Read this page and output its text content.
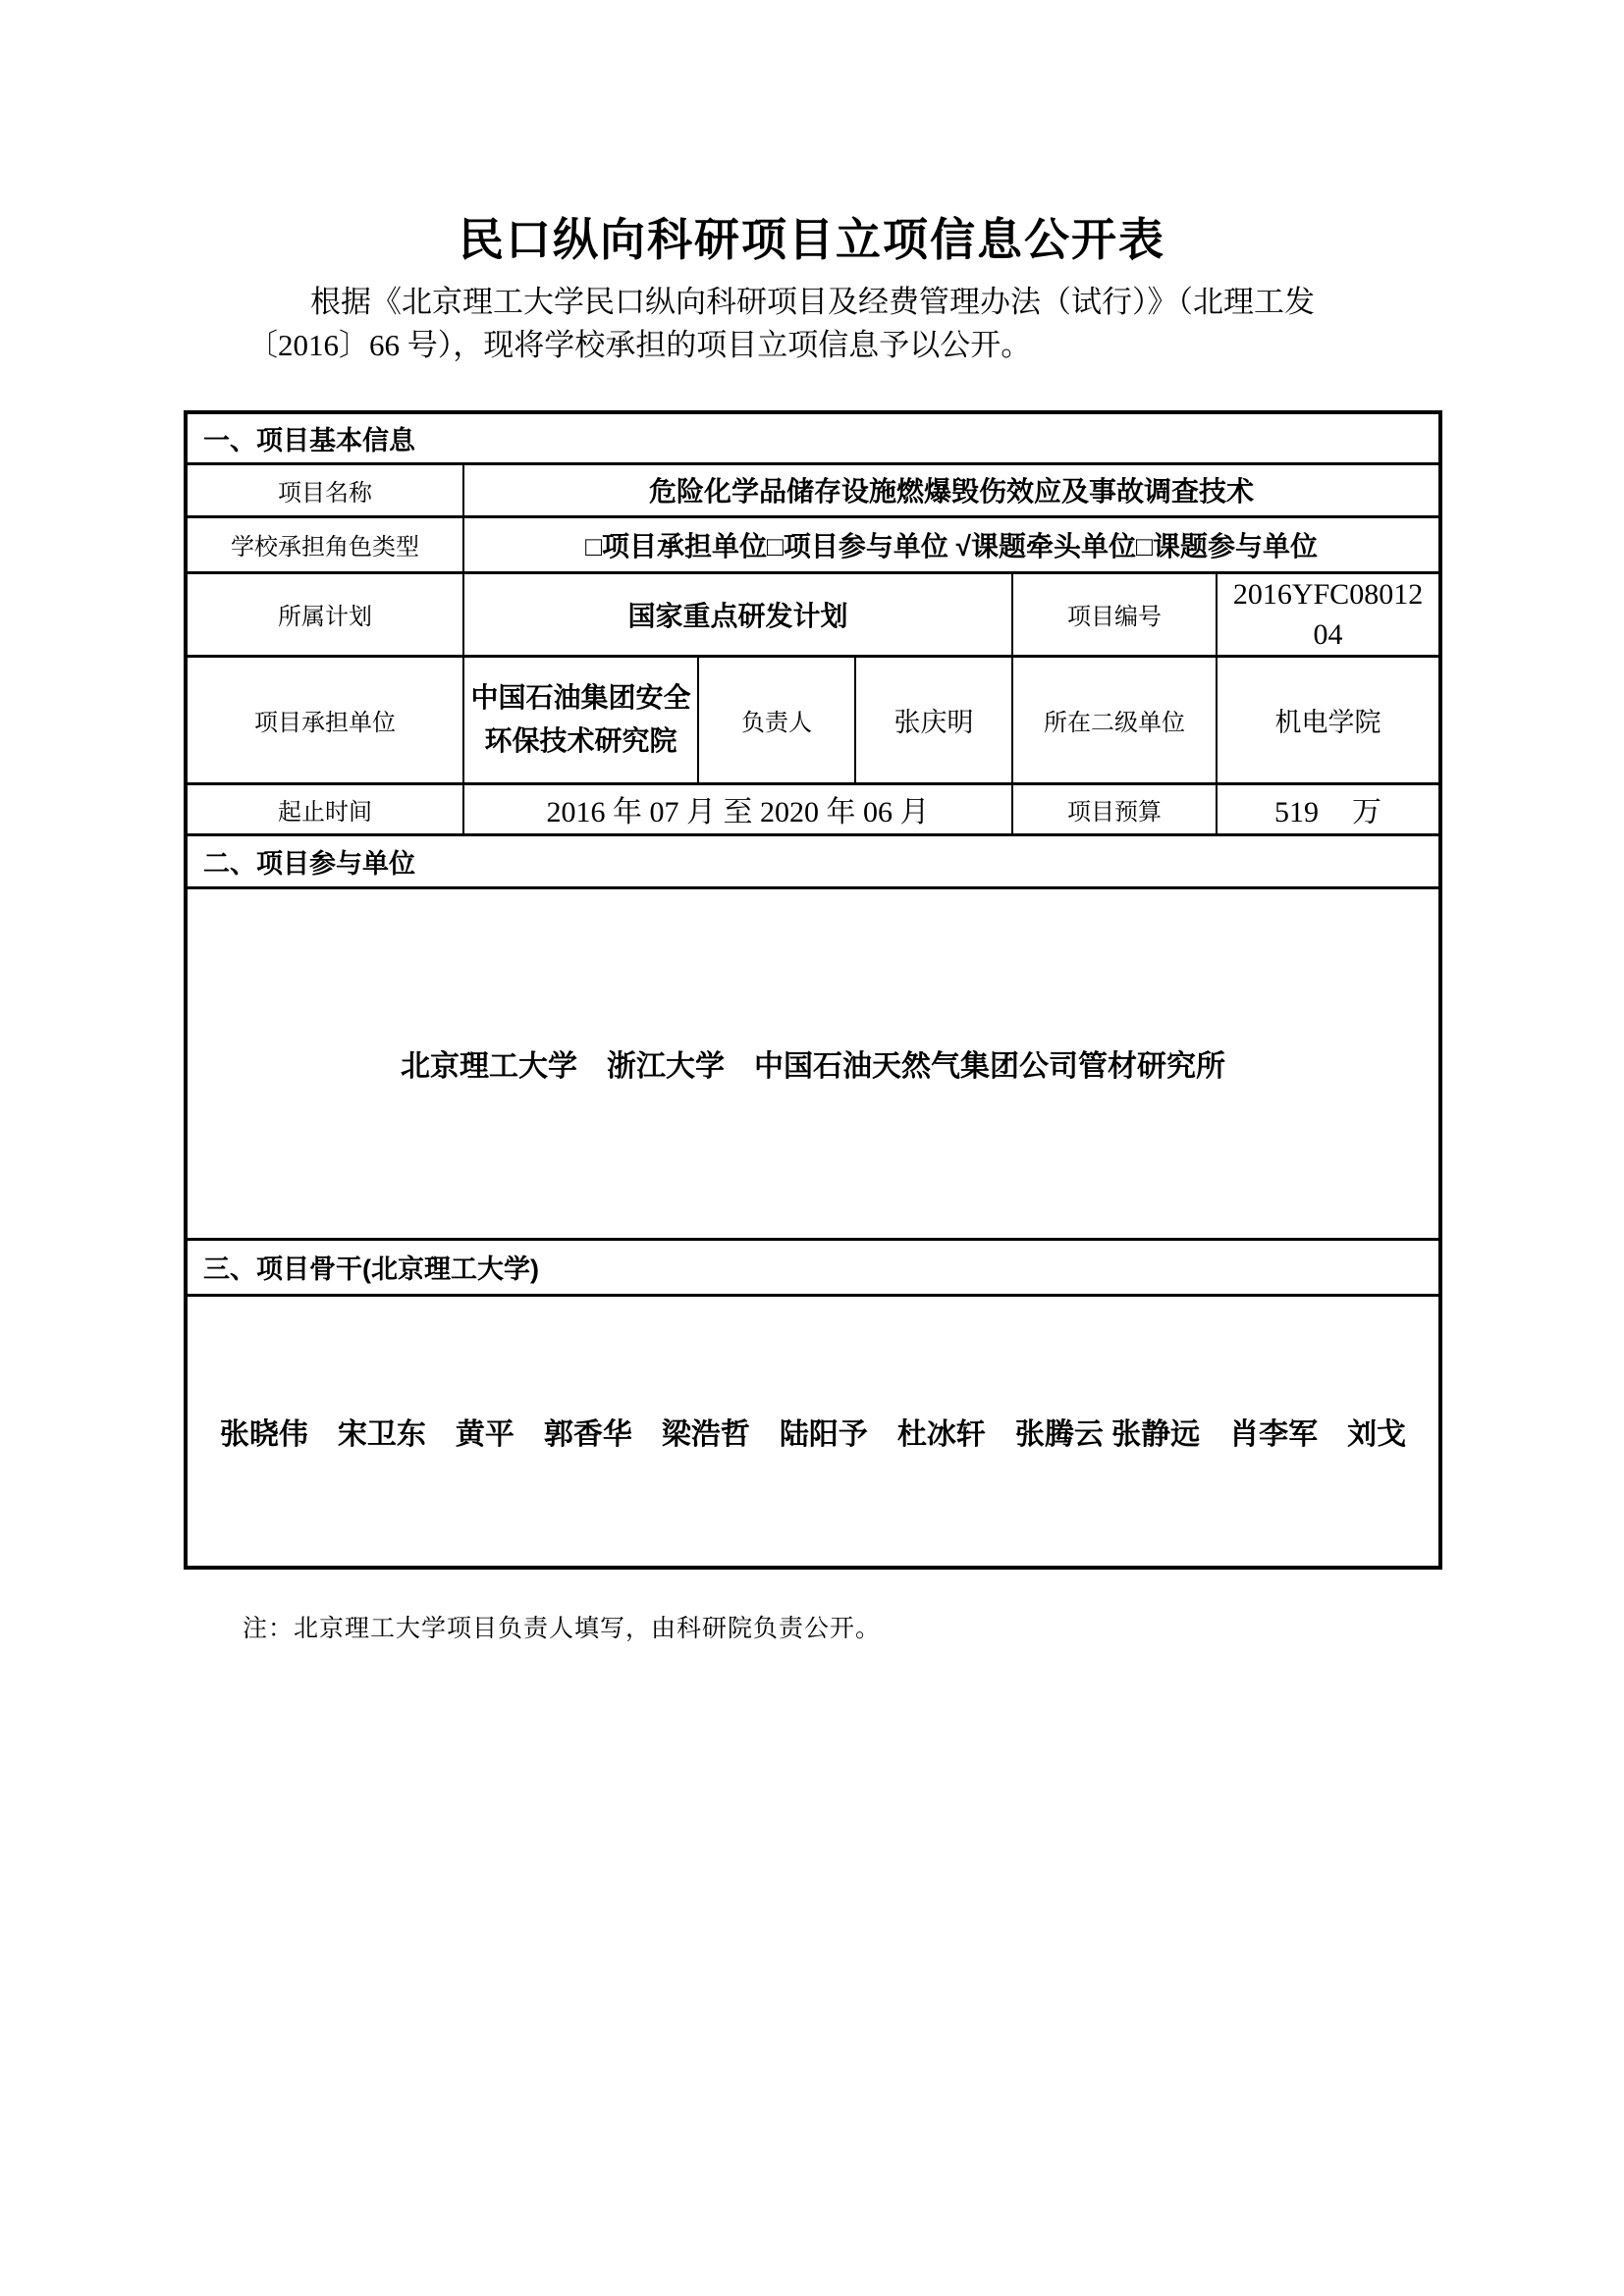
民口纵向科研项目立项信息公开表

根据《北京理工大学民口纵向科研项目及经费管理办法（试行）》（北理工发〔2016〕66 号），现将学校承担的项目立项信息予以公开。

一、项目基本信息					
项目名称	危险化学品储存设施燃爆毁伤效应及事故调查技术				
学校承担角色类型	□项目承担单位□项目参与单位 √课题牵头单位□课题参与单位				
所属计划	国家重点研发计划			项目编号	2016YFC0801204

项目承担单位	中国石油集团安全环保技术研究院	负责人	张庆明	所在二级单位	机电学院
起止时间	2016 年 07 月 至 2020 年 06 月			项目预算	519 万
二、项目参与单位					
北京理工大学　浙江大学　中国石油天然气集团公司管材研究所					
三、项目骨干(北京理工大学)					
张晓伟　宋卫东　黄平　郭香华　梁浩哲　陆阳予　杜冰轩　张腾云 张静远　肖李军　刘戈					

注：北京理工大学项目负责人填写，由科研院负责公开。
